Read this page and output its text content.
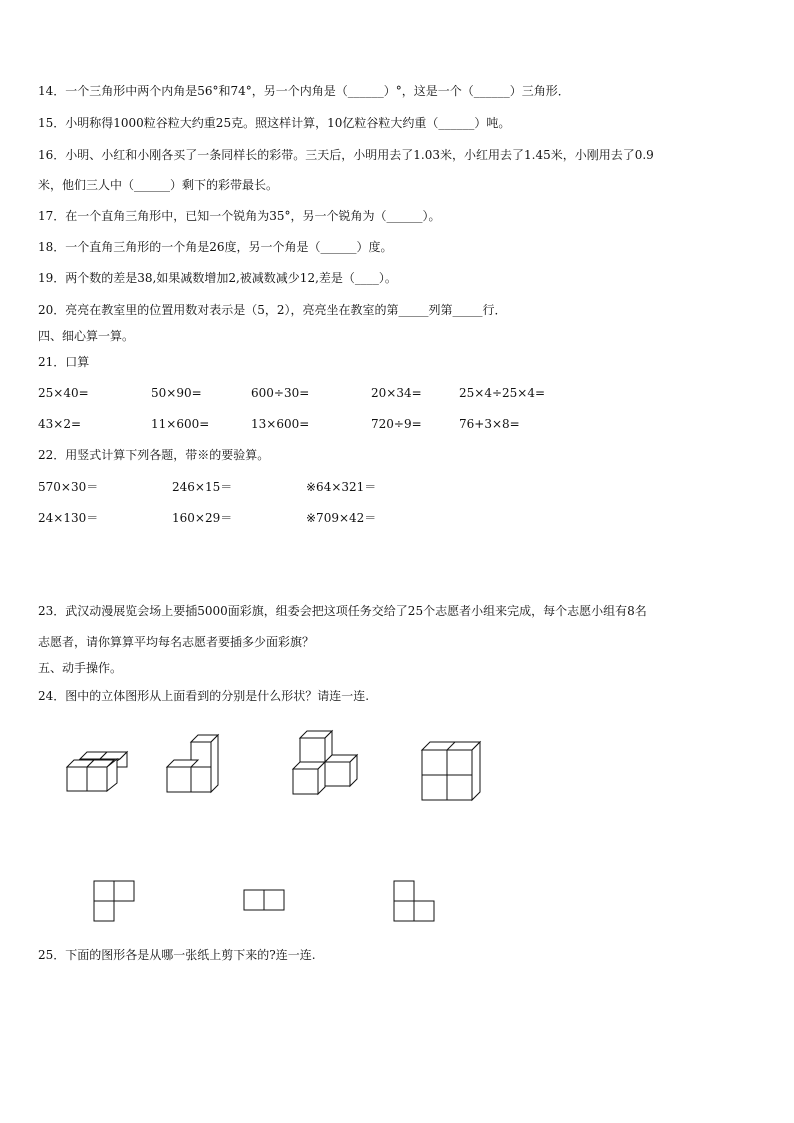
14．一个三角形中两个内角是56°和74°，另一个内角是（______）°，这是一个（______）三角形．
15．小明称得1000粒谷粒大约重25克。照这样计算，10亿粒谷粒大约重（______）吨。
16．小明、小红和小刚各买了一条同样长的彩带。三天后，小明用去了1.03米，小红用去了1.45米，小刚用去了0.9
米，他们三人中（______）剩下的彩带最长。
17．在一个直角三角形中，已知一个锐角为35°，另一个锐角为（______）。
18．一个直角三角形的一个角是26度，另一个角是（______）度。
19．两个数的差是38,如果减数增加2,被减数减少12,差是（____）。
20．亮亮在教室里的位置用数对表示是（5，2），亮亮坐在教室的第_____列第_____行．
四、细心算一算。
21．口算
25×40=	50×90=	600÷30=	20×34=	25×4÷25×4=
43×2=	11×600=	13×600=	720÷9=	76+3×8=
22．用竖式计算下列各题，带※的要验算。
570×30＝	246×15＝	※64×321＝
24×130＝	160×29＝	※709×42＝
23．武汉动漫展览会场上要插5000面彩旗，组委会把这项任务交给了25个志愿者小组来完成，每个志愿小组有8名
志愿者，请你算算平均每名志愿者要插多少面彩旗？
五、动手操作。
24．图中的立体图形从上面看到的分别是什么形状？请连一连.
25．下面的图形各是从哪一张纸上剪下来的?连一连.
